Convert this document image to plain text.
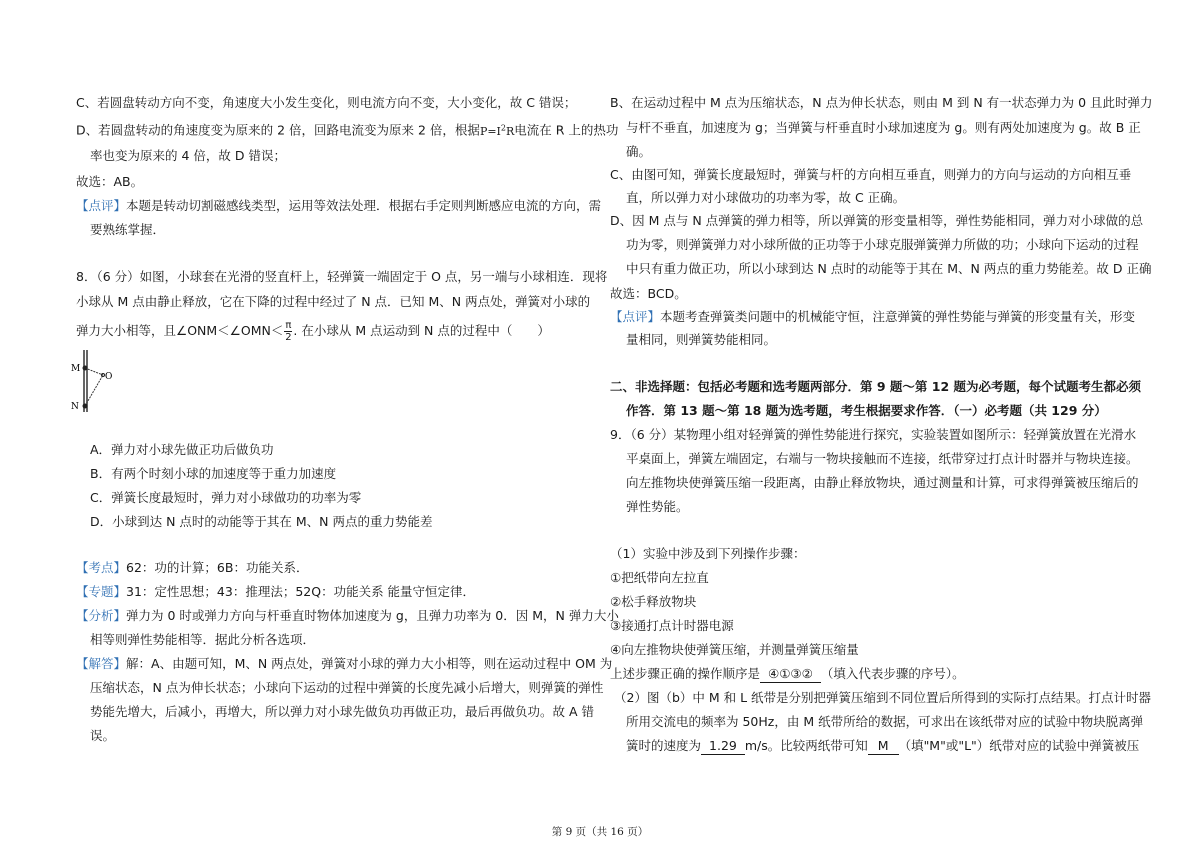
C、若圆盘转动方向不变，角速度大小发生变化，则电流方向不变，大小变化，故 C 错误；
D、若圆盘转动的角速度变为原来的 2 倍，回路电流变为原来 2 倍，根据$P=I^2R$电流在 R 上的热功
率也变为原来的 4 倍，故 D 错误；
故选：AB。
【点评】本题是转动切割磁感线类型，运用等效法处理．根据右手定则判断感应电流的方向，需
要熟练掌握．
8．（6 分）如图，小球套在光滑的竖直杆上，轻弹簧一端固定于 O 点，另一端与小球相连．现将
小球从 M 点由静止释放，它在下降的过程中经过了 N 点．已知 M、N 两点处，弹簧对小球的
弹力大小相等，且∠ONM＜∠OMN＜ $\frac{\pi}{2}$ . 在小球从 M 点运动到 N 点的过程中（　　）
M
O
N
A．弹力对小球先做正功后做负功
B．有两个时刻小球的加速度等于重力加速度
C．弹簧长度最短时，弹力对小球做功的功率为零
D．小球到达 N 点时的动能等于其在 M、N 两点的重力势能差
【考点】62：功的计算；6B：功能关系．
【专题】31：定性思想；43：推理法；52Q：功能关系 能量守恒定律．
【分析】弹力为 0 时或弹力方向与杆垂直时物体加速度为 g，且弹力功率为 0．因 M，N 弹力大小
相等则弹性势能相等．据此分析各选项．
【解答】解：A、由题可知，M、N 两点处，弹簧对小球的弹力大小相等，则在运动过程中 OM 为
压缩状态，N 点为伸长状态；小球向下运动的过程中弹簧的长度先减小后增大，则弹簧的弹性
势能先增大，后减小，再增大，所以弹力对小球先做负功再做正功，最后再做负功。故 A 错
误。
B、在运动过程中 M 点为压缩状态，N 点为伸长状态，则由 M 到 N 有一状态弹力为 0 且此时弹力
与杆不垂直，加速度为 g；当弹簧与杆垂直时小球加速度为 g。则有两处加速度为 g。故 B 正
确。
C、由图可知，弹簧长度最短时，弹簧与杆的方向相互垂直，则弹力的方向与运动的方向相互垂
直，所以弹力对小球做功的功率为零，故 C 正确。
D、因 M 点与 N 点弹簧的弹力相等，所以弹簧的形变量相等，弹性势能相同，弹力对小球做的总
功为零，则弹簧弹力对小球所做的正功等于小球克服弹簧弹力所做的功；小球向下运动的过程
中只有重力做正功，所以小球到达 N 点时的动能等于其在 M、N 两点的重力势能差。故 D 正确
故选：BCD。
【点评】本题考查弹簧类问题中的机械能守恒，注意弹簧的弹性势能与弹簧的形变量有关，形变
量相同，则弹簧势能相同。
二、非选择题：包括必考题和选考题两部分．第 9 题～第 12 题为必考题，每个试题考生都必须
作答．第 13 题～第 18 题为选考题，考生根据要求作答．（一）必考题（共 129 分）
9．（6 分）某物理小组对轻弹簧的弹性势能进行探究，实验装置如图所示：轻弹簧放置在光滑水
平桌面上，弹簧左端固定，右端与一物块接触而不连接，纸带穿过打点计时器并与物块连接。
向左推物块使弹簧压缩一段距离，由静止释放物块，通过测量和计算，可求得弹簧被压缩后的
弹性势能。
（1）实验中涉及到下列操作步骤：
①把纸带向左拉直
②松手释放物块
③接通打点计时器电源
④向左推物块使弹簧压缩，并测量弹簧压缩量
上述步骤正确的操作顺序是 ④①③② （填入代表步骤的序号）。
（2）图（b）中 M 和 L 纸带是分别把弹簧压缩到不同位置后所得到的实际打点结果。打点计时器
所用交流电的频率为 50Hz，由 M 纸带所给的数据，可求出在该纸带对应的试验中物块脱离弹
簧时的速度为 1.29 m/s。比较两纸带可知 M （填"M"或"L"）纸带对应的试验中弹簧被压
第 9 页（共 16 页）
